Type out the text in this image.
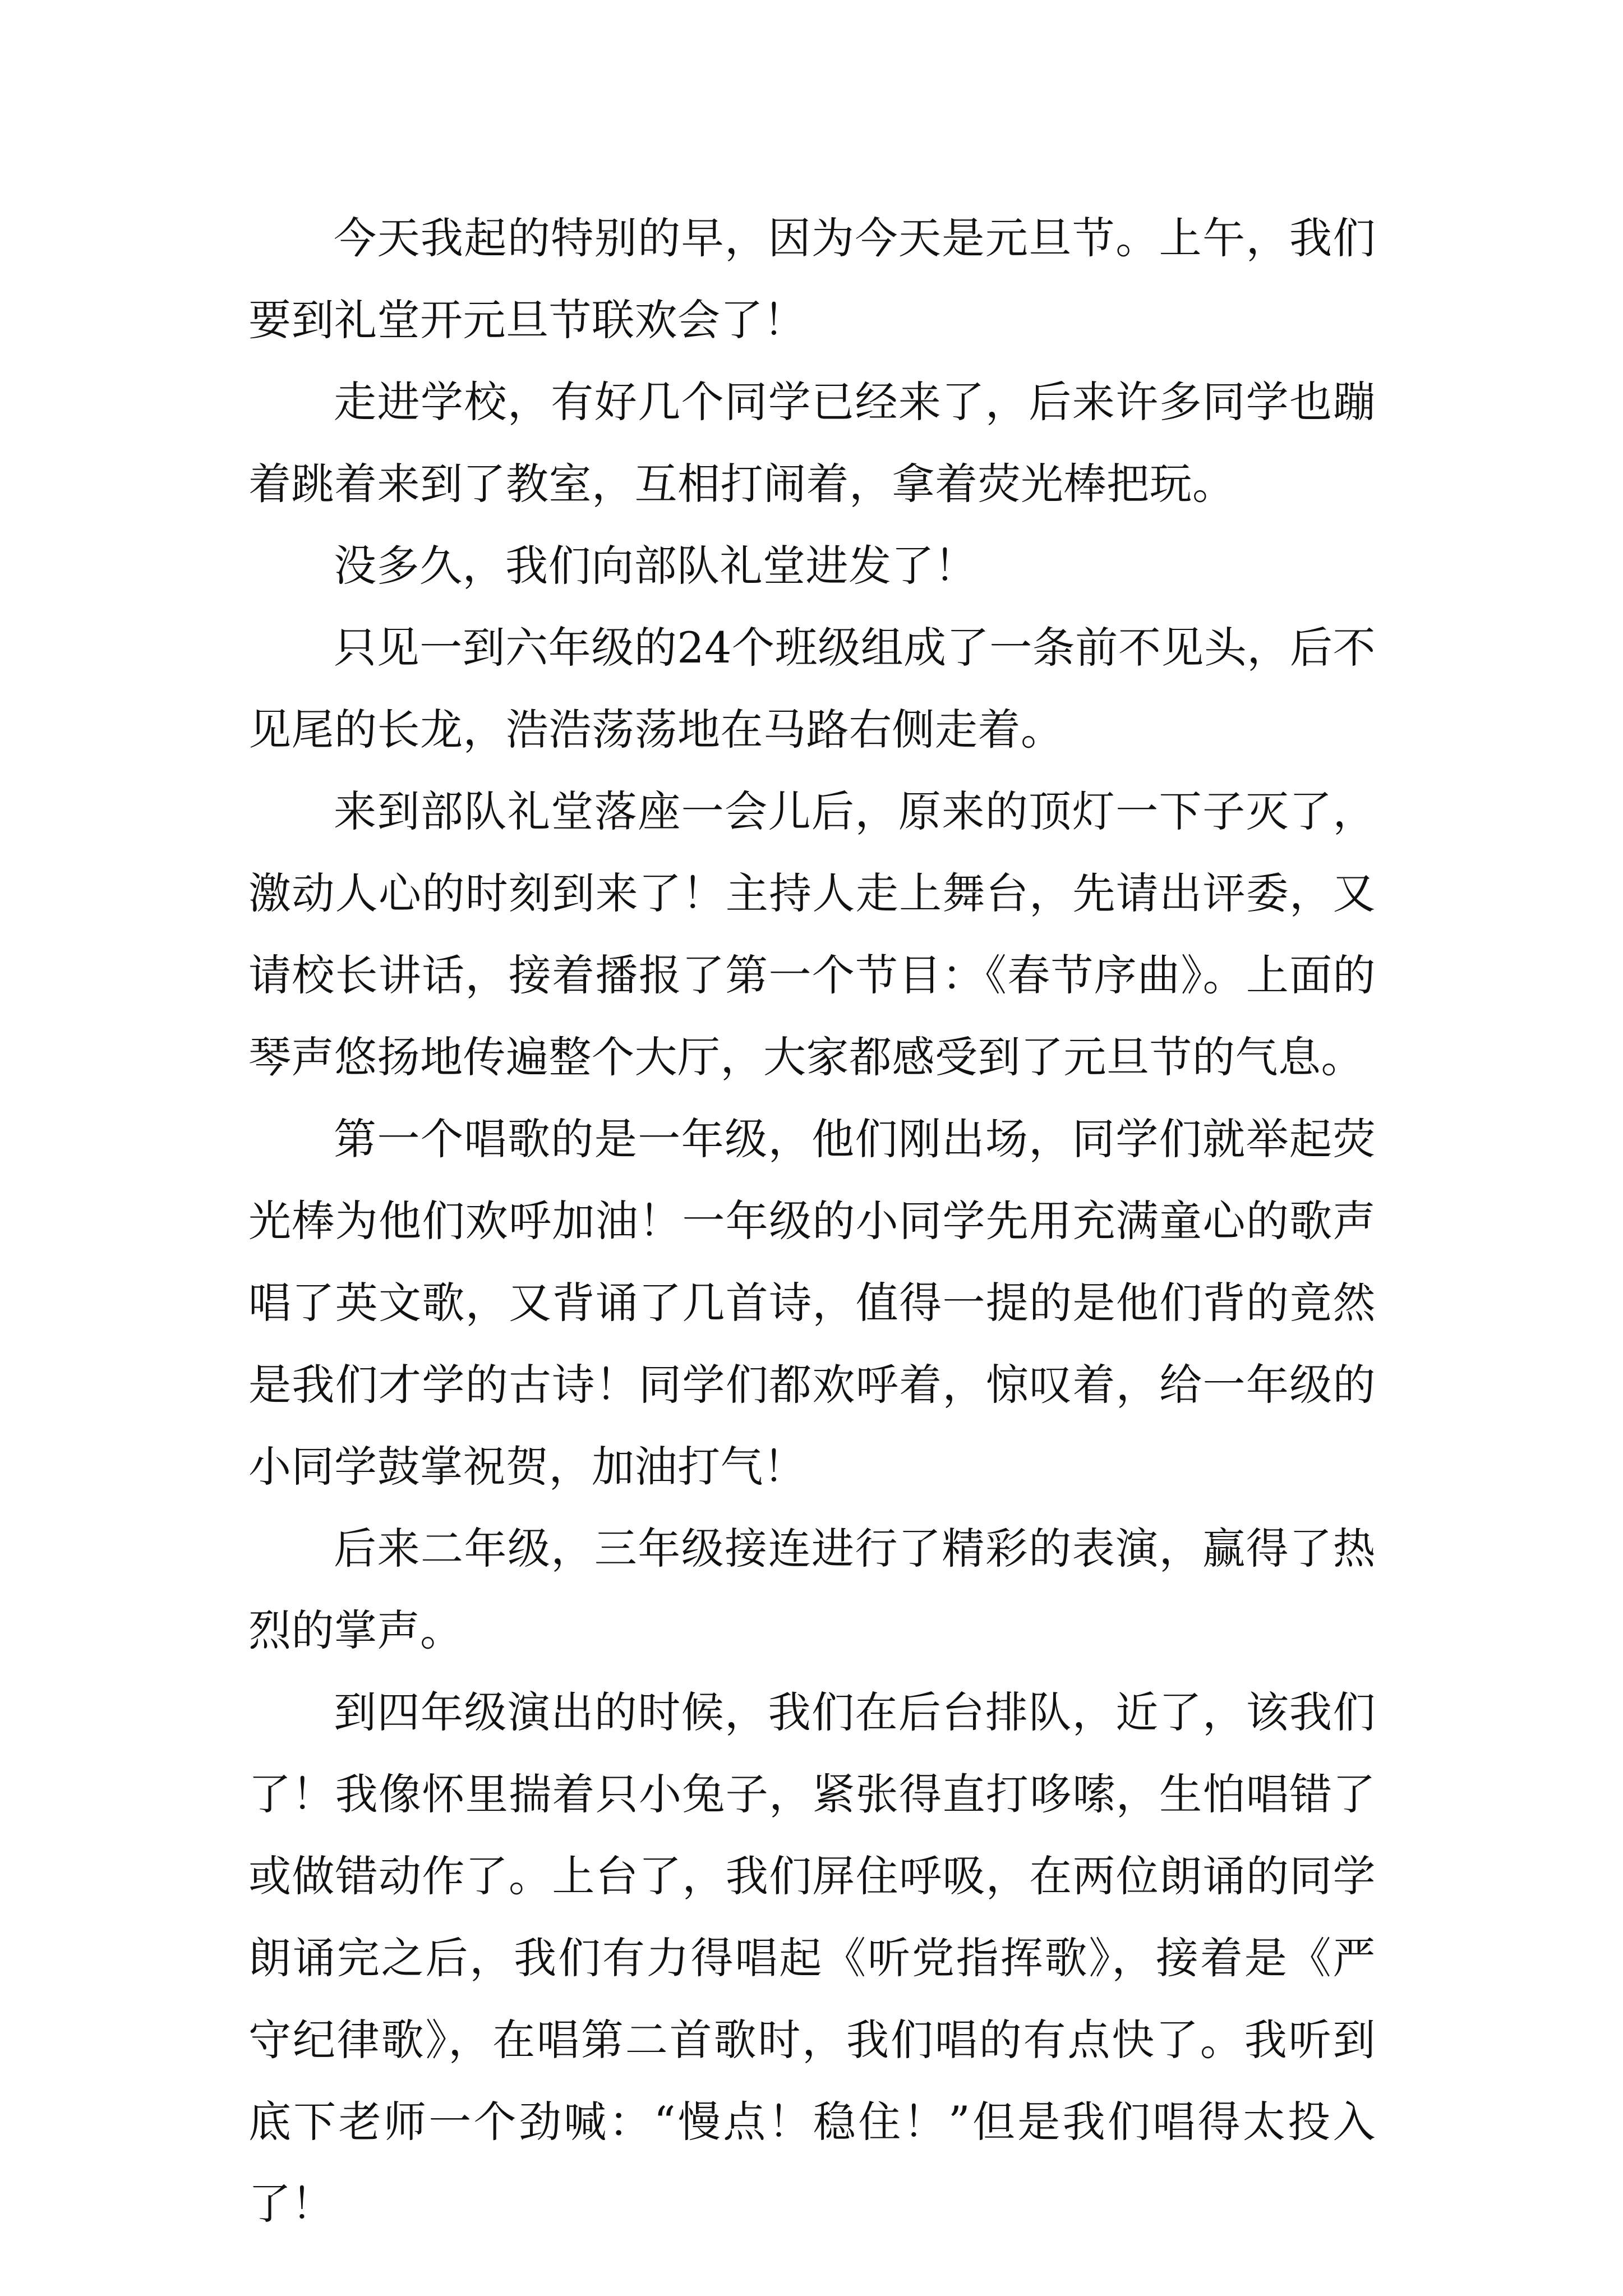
今天我起的特别的早，因为今天是元旦节。上午，我们要到礼堂开元旦节联欢会了！

走进学校，有好几个同学已经来了，后来许多同学也蹦着跳着来到了教室，互相打闹着，拿着荧光棒把玩。

没多久，我们向部队礼堂进发了！

只见一到六年级的24个班级组成了一条前不见头，后不见尾的长龙，浩浩荡荡地在马路右侧走着。

来到部队礼堂落座一会儿后，原来的顶灯一下子灭了，激动人心的时刻到来了！主持人走上舞台，先请出评委，又请校长讲话，接着播报了第一个节目：《春节序曲》。上面的琴声悠扬地传遍整个大厅，大家都感受到了元旦节的气息。

第一个唱歌的是一年级，他们刚出场，同学们就举起荧光棒为他们欢呼加油！一年级的小同学先用充满童心的歌声唱了英文歌，又背诵了几首诗，值得一提的是他们背的竟然是我们才学的古诗！同学们都欢呼着，惊叹着，给一年级的小同学鼓掌祝贺，加油打气！

后来二年级，三年级接连进行了精彩的表演，赢得了热烈的掌声。

到四年级演出的时候，我们在后台排队，近了，该我们了！我像怀里揣着只小兔子，紧张得直打哆嗦，生怕唱错了或做错动作了。上台了，我们屏住呼吸，在两位朗诵的同学朗诵完之后，我们有力得唱起《听党指挥歌》，接着是《严守纪律歌》，在唱第二首歌时，我们唱的有点快了。我听到底下老师一个劲喊：“慢点！稳住！”但是我们唱得太投入了！
